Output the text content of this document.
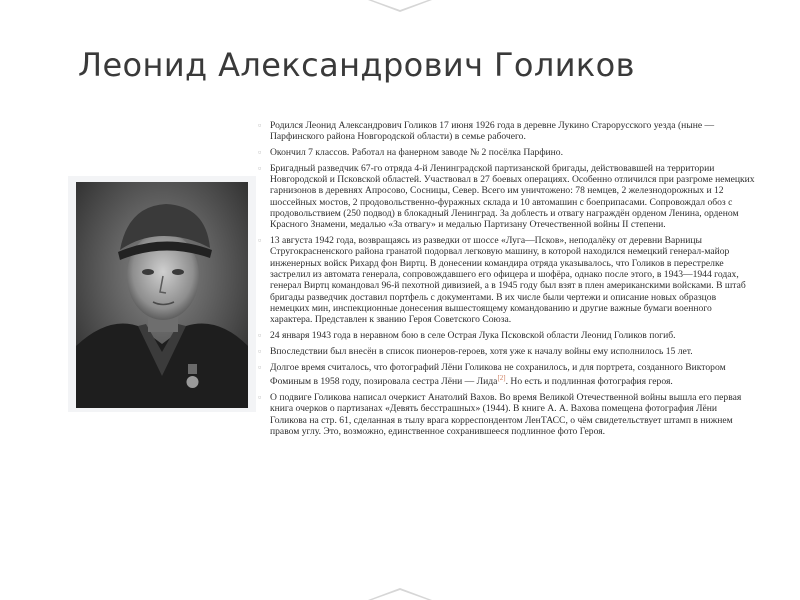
Леонид Александрович Голиков
▫ Родился Леонид Александрович Голиков 17 июня 1926 года в деревне Лукино Старорусского уезда (ныне — Парфинского района Новгородской области) в семье рабочего.
▫ Окончил 7 классов. Работал на фанерном заводе № 2 посёлка Парфино.
▫ Бригадный разведчик 67-го отряда 4-й Ленинградской партизанской бригады, действовавшей на территории Новгородской и Псковской областей. Участвовал в 27 боевых операциях. Особенно отличился при разгроме немецких гарнизонов в деревнях Апросово, Сосницы, Север. Всего им уничтожено: 78 немцев, 2 железнодорожных и 12 шоссейных мостов, 2 продовольственно-фуражных склада и 10 автомашин с боеприпасами. Сопровождал обоз с продовольствием (250 подвод) в блокадный Ленинград. За доблесть и отвагу награждён орденом Ленина, орденом Красного Знамени, медалью «За отвагу» и медалью Партизану Отечественной войны II степени.
▫ 13 августа 1942 года, возвращаясь из разведки от шоссе «Луга—Псков», неподалёку от деревни Варницы Стругокрасненского района гранатой подорвал легковую машину, в которой находился немецкий генерал-майор инженерных войск Рихард фон Виртц. В донесении командира отряда указывалось, что Голиков в перестрелке застрелил из автомата генерала, сопровождавшего его офицера и шофёра, однако после этого, в 1943—1944 годах, генерал Виртц командовал 96-й пехотной дивизией, а в 1945 году был взят в плен американскими войсками. В штаб бригады разведчик доставил портфель с документами. В их числе были чертежи и описание новых образцов немецких мин, инспекционные донесения вышестоящему командованию и другие важные бумаги военного характера. Представлен к званию Героя Советского Союза.
▫ 24 января 1943 года в неравном бою в селе Острая Лука Псковской области Леонид Голиков погиб.
▫ Впоследствии был внесён в список пионеров-героев, хотя уже к началу войны ему исполнилось 15 лет.
▫ Долгое время считалось, что фотографий Лёни Голикова не сохранилось, и для портрета, созданного Виктором Фоминым в 1958 году, позировала сестра Лёни — Лида[2]. Но есть и подлинная фотография героя.
▫ О подвиге Голикова написал очеркист Анатолий Вахов. Во время Великой Отечественной войны вышла его первая книга очерков о партизанах «Девять бесстрашных» (1944). В книге А. А. Вахова помещена фотография Лёни Голикова на стр. 61, сделанная в тылу врага корреспондентом ЛенТАСС, о чём свидетельствует штамп в нижнем правом углу. Это, возможно, единственное сохранившееся подлинное фото Героя.
